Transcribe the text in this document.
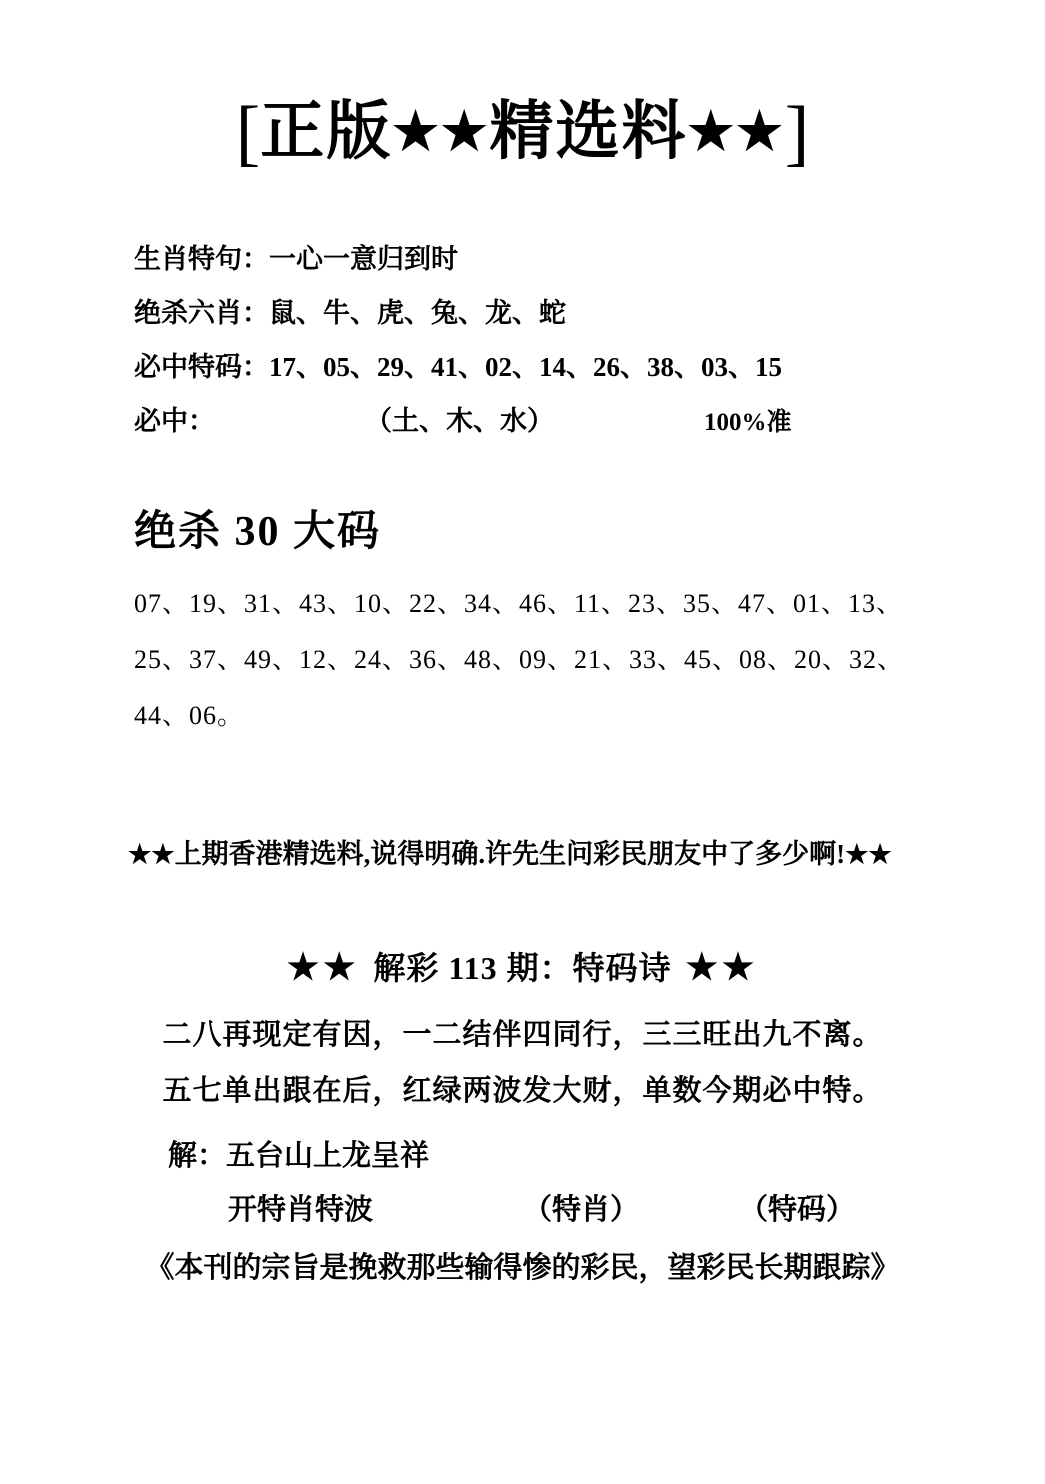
[正版★★精选料★★]
生肖特句：一心一意归到时
绝杀六肖：鼠、牛、虎、兔、龙、蛇
必中特码：17、05、29、41、02、14、26、38、03、15
必中：	（土、木、水）	100%准
绝杀 30 大码
07、19、31、43、10、22、34、46、11、23、35、47、01、13、
25、37、49、12、24、36、48、09、21、33、45、08、20、32、
44、06。
★★上期香港精选料,说得明确.许先生问彩民朋友中了多少啊!★★
★★ 解彩 113 期：特码诗 ★★
二八再现定有因，一二结伴四同行，三三旺出九不离。
五七单出跟在后，红绿两波发大财，单数今期必中特。
解：五台山上龙呈祥
开特肖特波	（特肖）	（特码）
《本刊的宗旨是挽救那些输得惨的彩民，望彩民长期跟踪》
